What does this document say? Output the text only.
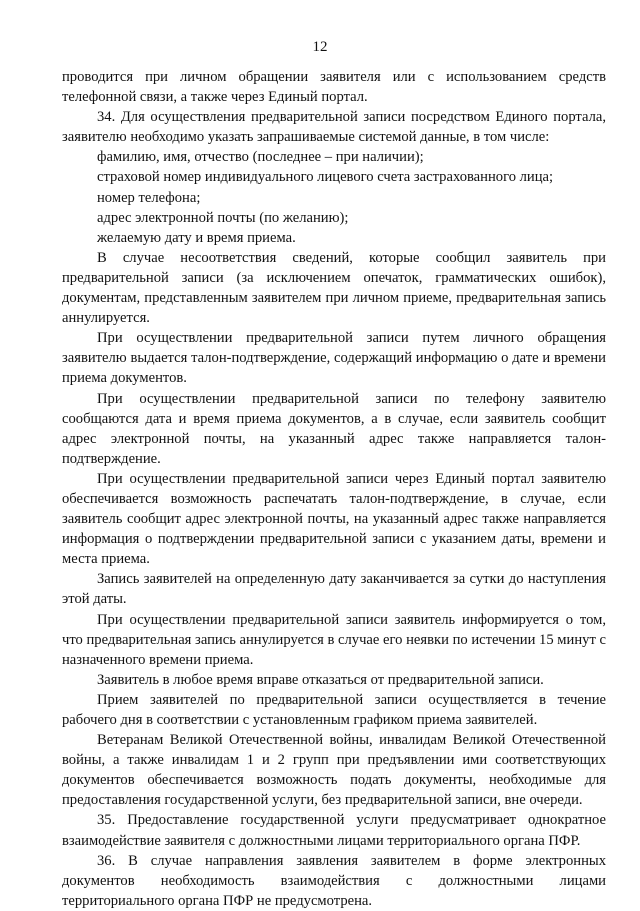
12

проводится при личном обращении заявителя или с использованием средств телефонной связи, а также через Единый портал.

34. Для осуществления предварительной записи посредством Единого портала, заявителю необходимо указать запрашиваемые системой данные, в том числе:

фамилию, имя, отчество (последнее – при наличии);

страховой номер индивидуального лицевого счета застрахованного лица;

номер телефона;

адрес электронной почты (по желанию);

желаемую дату и время приема.

В случае несоответствия сведений, которые сообщил заявитель при предварительной записи (за исключением опечаток, грамматических ошибок), документам, представленным заявителем при личном приеме, предварительная запись аннулируется.

При осуществлении предварительной записи путем личного обращения заявителю выдается талон-подтверждение, содержащий информацию о дате и времени приема документов.

При осуществлении предварительной записи по телефону заявителю сообщаются дата и время приема документов, а в случае, если заявитель сообщит адрес электронной почты, на указанный адрес также направляется талон-подтверждение.

При осуществлении предварительной записи через Единый портал заявителю обеспечивается возможность распечатать талон-подтверждение, в случае, если заявитель сообщит адрес электронной почты, на указанный адрес также направляется информация о подтверждении предварительной записи с указанием даты, времени и места приема.

Запись заявителей на определенную дату заканчивается за сутки до наступления этой даты.

При осуществлении предварительной записи заявитель информируется о том, что предварительная запись аннулируется в случае его неявки по истечении 15 минут с назначенного времени приема.

Заявитель в любое время вправе отказаться от предварительной записи.

Прием заявителей по предварительной записи осуществляется в течение рабочего дня в соответствии с установленным графиком приема заявителей.

Ветеранам Великой Отечественной войны, инвалидам Великой Отечественной войны, а также инвалидам 1 и 2 групп при предъявлении ими соответствующих документов обеспечивается возможность подать документы, необходимые для предоставления государственной услуги, без предварительной записи, вне очереди.

35. Предоставление государственной услуги предусматривает однократное взаимодействие заявителя с должностными лицами территориального органа ПФР.

36. В случае направления заявления заявителем в форме электронных документов необходимость взаимодействия с должностными лицами территориального органа ПФР не предусмотрена.
